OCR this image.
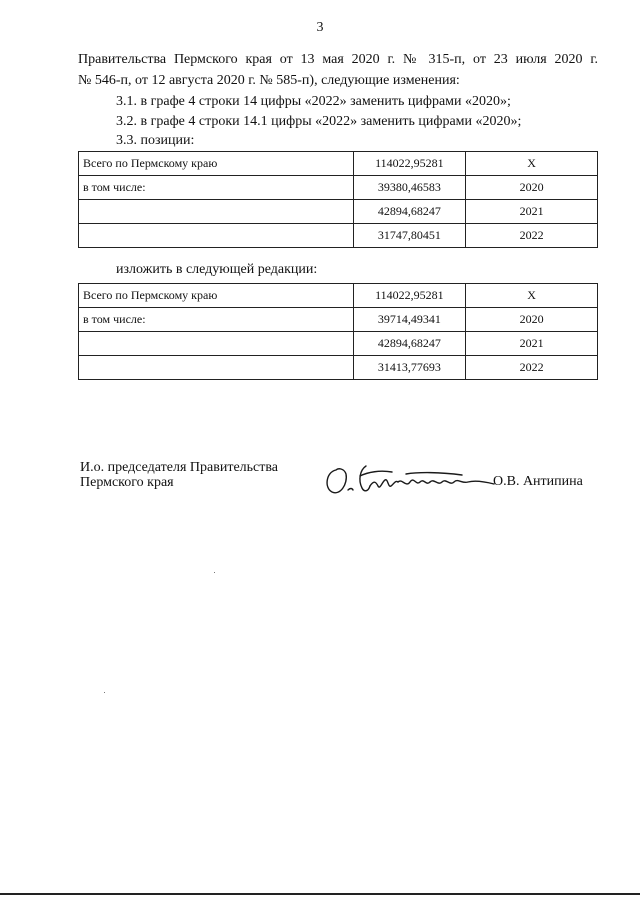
3
Правительства Пермского края от 13 мая 2020 г. № 315-п, от 23 июля 2020 г.
№ 546-п, от 12 августа 2020 г. № 585-п), следующие изменения:
3.1. в графе 4 строки 14 цифры «2022» заменить цифрами «2020»;
3.2. в графе 4 строки 14.1 цифры «2022» заменить цифрами «2020»;
3.3. позиции:
Всего по Пермскому краю	114022,95281	X
в том числе:	39380,46583	2020
	42894,68247	2021
	31747,80451	2022
изложить в следующей редакции:
Всего по Пермскому краю	114022,95281	X
в том числе:	39714,49341	2020
	42894,68247	2021
	31413,77693	2022
И.о. председателя Правительства
Пермского края	О.В. Антипина
